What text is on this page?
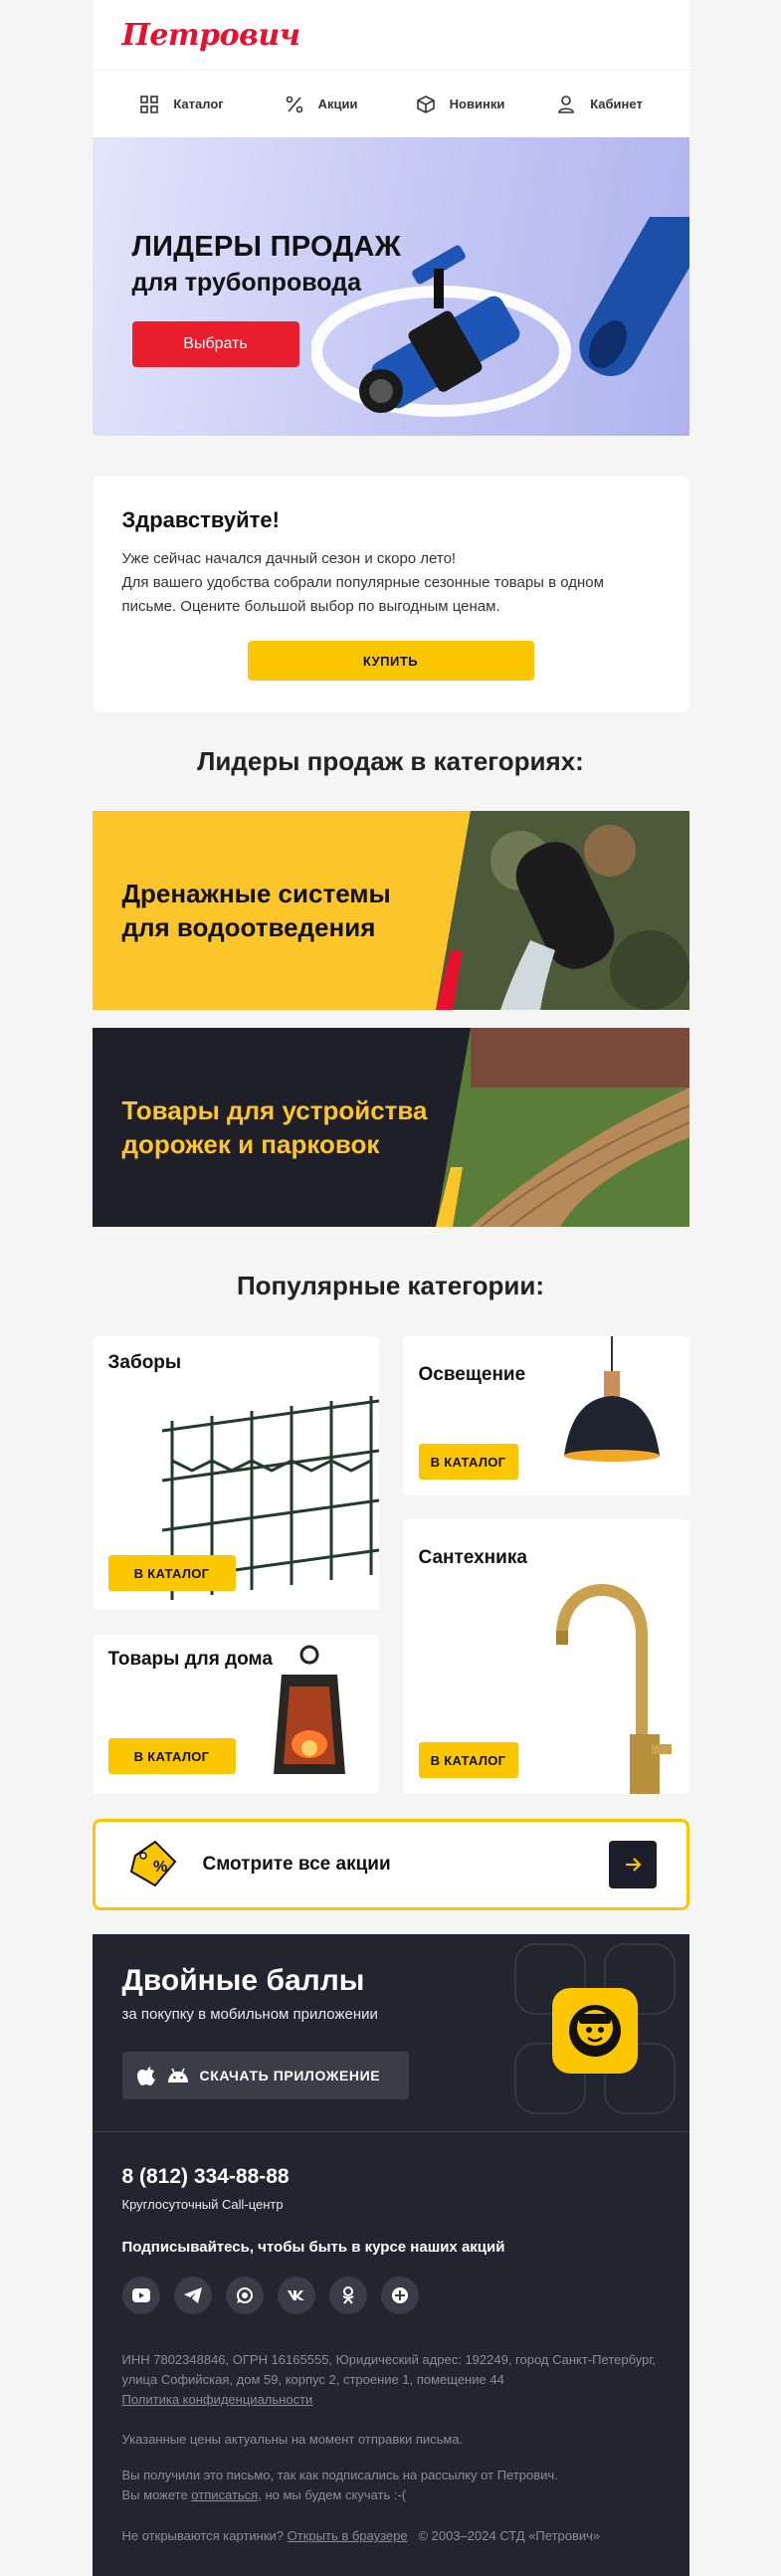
Петрович
Каталог	Акции	Новинки	Кабинет
ЛИДЕРЫ ПРОДАЖ
для трубопровода
Выбрать
Здравствуйте!

Уже сейчас начался дачный сезон и скоро лето!

Для вашего удобства собрали популярные сезонные товары в одном письме. Оцените большой выбор по выгодным ценам.

КУПИТЬ
Лидеры продаж в категориях:
Дренажные системы
для водоотведения
Товары для устройства
дорожек и парковок
Популярные категории:
Заборы
В КАТАЛОГ
Освещение
В КАТАЛОГ
Товары для дома
В КАТАЛОГ
Сантехника
В КАТАЛОГ
% Смотрите все акции
Двойные баллы
за покупку в мобильном приложении
СКАЧАТЬ ПРИЛОЖЕНИЕ
8 (812) 334-88-88
Круглосуточный Call-центр
Подписывайтесь, чтобы быть в курсе наших акций
ИНН 7802348846, ОГРН 16165555, Юридический адрес: 192249, город Санкт-Петербург, улица Софийская, дом 59, корпус 2, строение 1, помещение 44
Политика конфиденциальности
Указанные цены актуальны на момент отправки письма.
Вы получили это письмо, так как подписались на рассылку от Петрович.
Вы можете отписаться, но мы будем скучать :-(
Не открываются картинки? Открыть в браузере © 2003–2024 СТД «Петрович»
